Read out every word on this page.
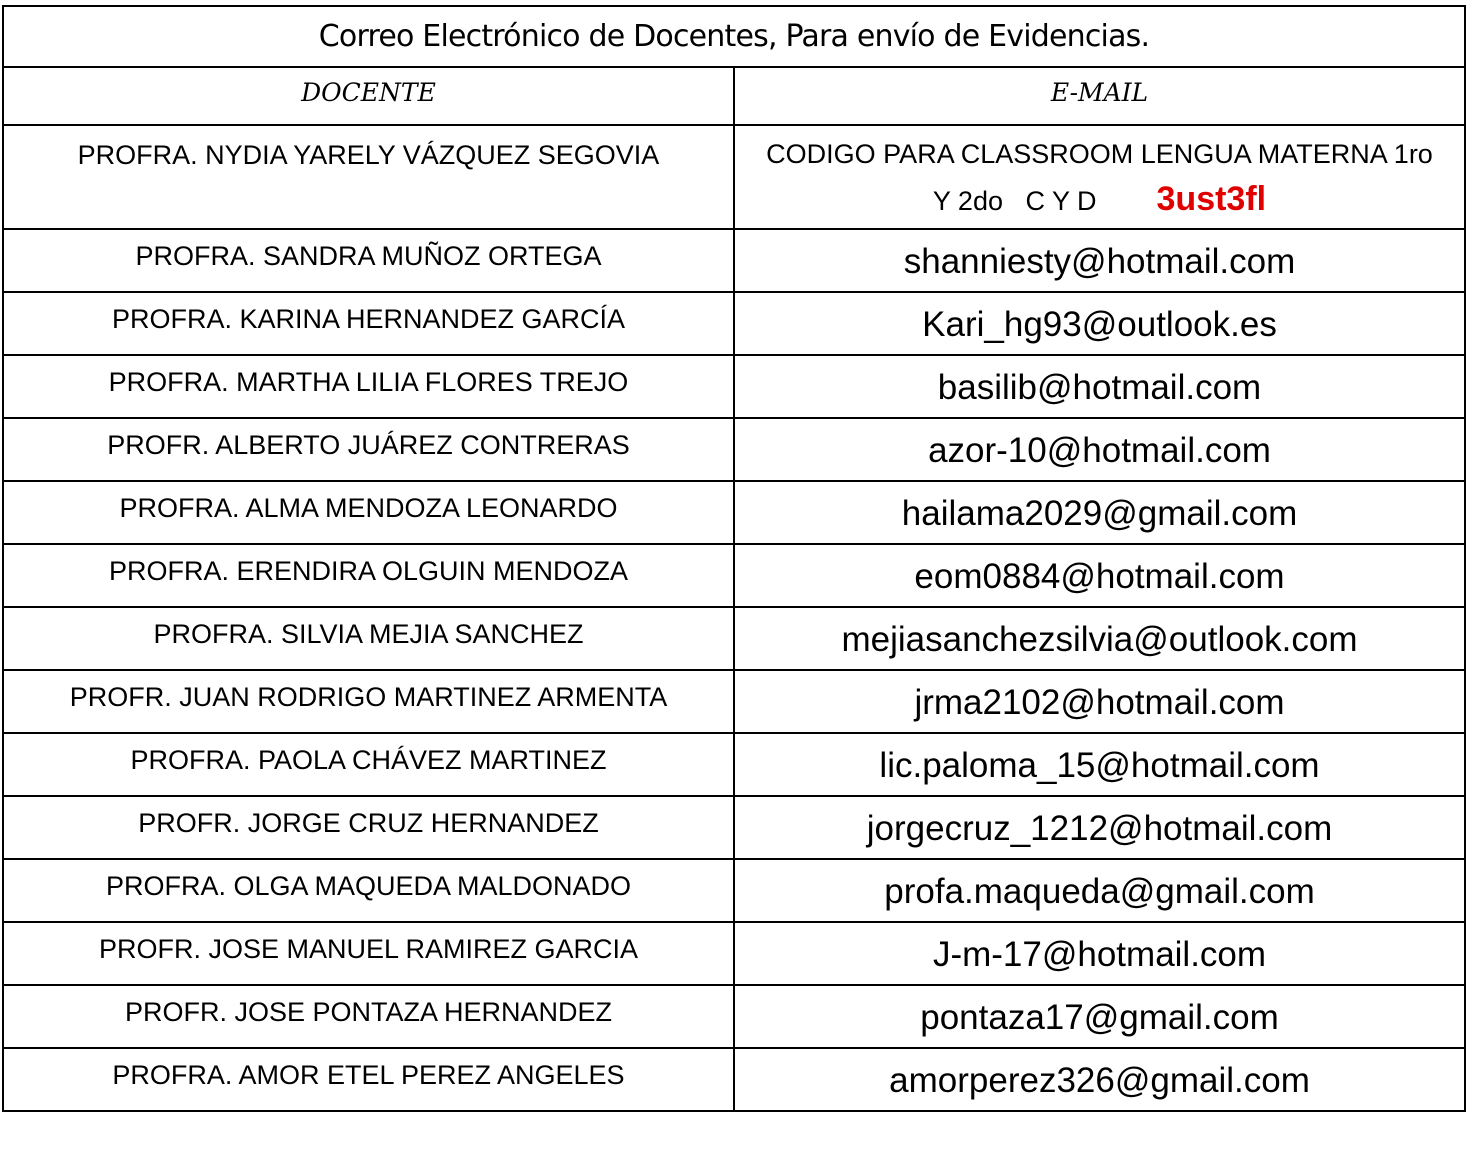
Correo Electrónico de Docentes, Para envío de Evidencias.	
DOCENTE	E-MAIL
PROFRA. NYDIA YARELY VÁZQUEZ SEGOVIA	CODIGO PARA CLASSROOM LENGUA MATERNA 1ro
Y 2do   C Y D 3ust3fl

PROFRA. SANDRA MUÑOZ ORTEGA	shanniesty@hotmail.com
PROFRA. KARINA HERNANDEZ GARCÍA	Kari_hg93@outlook.es
PROFRA. MARTHA LILIA FLORES TREJO	basilib@hotmail.com
PROFR. ALBERTO JUÁREZ CONTRERAS	azor-10@hotmail.com
PROFRA. ALMA MENDOZA LEONARDO	hailama2029@gmail.com
PROFRA. ERENDIRA OLGUIN MENDOZA	eom0884@hotmail.com
PROFRA. SILVIA MEJIA SANCHEZ	mejiasanchezsilvia@outlook.com
PROFR. JUAN RODRIGO MARTINEZ ARMENTA	jrma2102@hotmail.com
PROFRA. PAOLA CHÁVEZ MARTINEZ	lic.paloma_15@hotmail.com
PROFR. JORGE CRUZ HERNANDEZ	jorgecruz_1212@hotmail.com
PROFRA. OLGA MAQUEDA MALDONADO	profa.maqueda@gmail.com
PROFR. JOSE MANUEL RAMIREZ GARCIA	J-m-17@hotmail.com
PROFR. JOSE PONTAZA HERNANDEZ	pontaza17@gmail.com
PROFRA. AMOR ETEL PEREZ ANGELES	amorperez326@gmail.com
